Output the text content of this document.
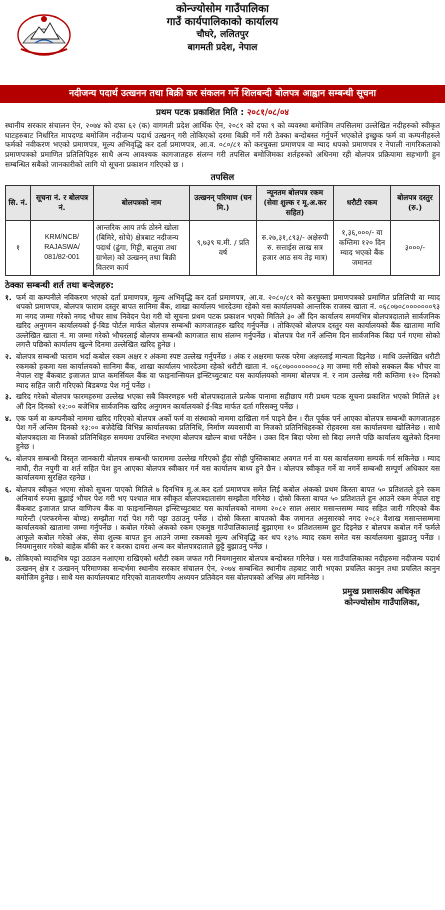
कोन्ज्योसोम गाउँपालिका
गाउँ कार्यपालिकाको कार्यालय
चौघरे, ललितपुर
बागमती प्रदेश, नेपाल
नदीजन्य पदार्थ उत्खनन तथा बिक्री कर संकलन गर्ने शिलबन्दी बोलपत्र आह्वान सम्बन्धी सूचना
प्रथम पटक प्रकाशित मिति : २०८१/०८/०४

स्थानीय सरकार संचालन ऐन, २०७४ को दफा ६२ (क) वागमती प्रदेश आर्थिक ऐन, २०८१ को दफा ९ को व्यवस्था बमोजिम तपसिलमा उल्लेखित नदीहरुको स्वीकृत घाटहरुबाट निर्धारित मापदण्ड बमोजिम नदीजन्य पदार्थ उत्खनन् गरी तोकिएको दरमा बिक्री गर्ने गरी ठेक्का बन्दोबस्त गर्नुपर्ने भएकोले इच्छुक फर्म वा कम्पनीहरुले फर्मको नवीकरण भएको प्रमाणपत्र, मूल्य अभिवृद्धि कर दर्ता प्रमाणपत्र, आ.व. ०८०/८१ को करचुक्ता प्रमाणपत्र वा म्याद थपको प्रमाणपत्र र नेपाली नागरिकताको प्रमाणपत्रको प्रमाणित प्रतिलिपिहरु साथै अन्य आवश्यक कागजातहरु संलग्न गरी तपसिल बमोजिमका शर्तहरुको अधिनमा रही बोलपत्र प्रक्रियामा सहभागी हुन सम्बन्धित सबैको जानकारीको लागि यो सूचना प्रकाशन गरिएको छ ।

तपसिल
सि. नं.	सूचना नं. र बोलपत्र नं.	बोलपत्रको नाम	उत्खनन् परिमाण (घन मि.)	न्यूनतम बोलपत्र रकम (सेवा शुल्क र मू.अ.कर सहित)	धरौटी रकम	बोलपत्र दस्तुर (रु.)
१	KRM/NCB/ RAJASWA/ 081/82-001	आन्तरिक आय तर्फ ठोस्ने खोला (बिमिरे, सोचे) क्षेत्रबाट नदीजन्य पदार्थ (ढुंगा, गिट्टी, बालुवा तथा ग्राभेल) को उत्खनन् तथा बिक्री वितरण कार्य	९,७३९ घ.मी. / प्रति वर्ष	रु.२७,३१,८९३/- अक्षेरुपी रु. सत्ताईस लाख सत्र हजार आठ सय तेइ मात्र)	१,३६,०००/- वा कम्तिमा १२० दिन म्याद भएको बैंक जमानत	३०००/-
ठेक्का सम्बन्धी शर्त तथा बन्देजहरु:
१. फर्म वा कम्पनीले नविकरण भएको दर्ता प्रमाणपत्र, मूल्य अभिवृद्धि कर दर्ता प्रमाणपत्र, आ.व. २०८०/८१ को करचुक्ता प्रमाणपत्रको प्रमाणित प्रतिलिपी वा म्याद थपको प्रमाणपत्र, बोलपत्र फाराम दस्तुर बापत सानिमा बैंक, शाखा कार्यालय भारदेउमा रहेको यस कार्यालयको आन्तरिक राजस्व खाता नं. ०६८०७०८०००००००९३ मा नगद जम्मा गरेको नगद भौचर साथ निवेदन पेश गरी यो सूचना प्रथम पटक प्रकाशन भएको मितिले ३० औं दिन कार्यालय समयभित्र बोलपत्रदाताले सार्वजनिक खरिद अनुगमन कार्यालयको ई-बिड पोर्टल मार्फत बोलपत्र सम्बन्धी कागजातहरु खरिद गर्नुपर्नेछ । तोकिएको बोलपत्र दस्तुर यस कार्यालयको बैंक खातामा माथि उल्लेखित खाता नं. मा जम्मा गरेको भौचरलाई बोलपत्र सम्बन्धी कागजात साथ संलग्न गर्नुपर्नेछ । बोलपत्र पेश गर्ने अन्तिम दिन सार्वजनिक बिदा पर्न गएमा सोको लगत्तै पछिको कार्यालय खुल्ने दिनमा उल्लेखित खरिद हुनेछ ।
२. बोलपत्र सम्बन्धी फाराम भर्दा कबोल रकम अक्षर र अंकमा स्पष्ट उल्लेख गर्नुपर्नेछ । अंक र अक्षरमा फरक परेमा अक्षरलाई मान्यता दिइनेछ । माथि उल्लेखित धरौटी रकमको हकमा यस कार्यालयको सानिमा बैंक, शाखा कार्यालय भारदेउमा रहेको धरौटी खाता नं. ०६८०७०००००००८३ मा जम्मा गरी सोको सक्कल बैंक भौचर वा नेपाल राष्ट्र बैंकबाट इजाजत प्राप्त कमर्सियल बैंक वा फाइनान्सियल इन्स्टिच्युटबाट यस कार्यालयको नाममा बोलपत्र नं. र नाम उल्लेख गरी कम्तिमा १२० दिनको म्याद सहित जारी गरिएको बिडबण्ड पेश गर्नु पर्नेछ ।
३. खरिद गरेको बोलपत्र फारमहरुमा उल्लेख भएका सबै विवरणहरु भरी बोलपत्रदाताले प्रत्येक पानामा सहीछाप गरी प्रथम पटक सूचना प्रकाशित भएको मितिले ३१ औं दिन दिनको १२:०० बजेभित्र सार्वजनिक खरिद अनुगमन कार्यालयको ई-बिड मार्फत दर्ता गरिसक्नु पर्नेछ ।
४. एक फर्म वा कम्पनीको नाममा खरिद गरिएको बोलपत्र अर्को फर्म वा संस्थाको नाममा दाखिला गर्न पाइने छैन । रीत पूर्वक पर्न आएका बोलपत्र सम्बन्धी कागजातहरु पेश गर्ने अन्तिम दिनको १३:०० बजेदेखि विभिन्न कार्यालयका प्रतिनिधि, निर्माण व्यवसायी वा निजको प्रतिनिधिहरुको रोहवरमा यस कार्यालयमा खोलिनेछ । साथै बोलपत्रदाता वा निजको प्रतिनिधिहरु समयमा उपस्थित नभएमा बोलपत्र खोल्न बाधा पर्नेछैन । उक्त दिन बिदा परेमा सो बिदा लगत्तै पछि कार्यालय खुलेको दिनमा हुनेछ ।
५. बोलपत्र सम्बन्धी विस्तृत जानकारी बोलपत्र सम्बन्धी फाराममा उल्लेख गरिएको हुँदा सोही पुस्तिकाबाट अवगत गर्न वा यस कार्यालयमा सम्पर्क गर्न सकिनेछ । म्याद नाघी, रीत नपुगी वा शर्त सहित पेश हुन आएका बोलपत्र स्वीकार गर्न यस कार्यालय बाध्य हुने छैन । बोलपत्र स्वीकृत गर्ने वा नगर्ने सम्बन्धी सम्पूर्ण अधिकार यस कार्यालयमा सुरक्षित रहनेछ ।
६. बोलपत्र स्वीकृत भएमा सोको सूचना पाएको मितिले ७ दिनभित्र मू.अ.कर दर्ता प्रमाणपत्र समेत लिई कबोल अंकको प्रथम किस्ता बापत ५० प्रतिशतले हुने रकम अनिवार्य रुपमा बुझाई भौचर पेश गरी भए पश्चात मात्र स्वीकृत बोलपत्रदातासंग सम्झौता गरिनेछ । दोस्रो किस्ता बापत ५० प्रतिशतले हुन आउने रकम नेपाल राष्ट्र बैंकबाट इजाजत प्राप्त वाणिज्य बैंक वा फाइनान्सियल इन्स्टिच्युटबाट यस कार्यालयको नाममा २०८२ साल असार मसान्तसम्म म्याद सहित जारी गरिएको बैंक ग्यारेन्टी (परफरमेन्स बोण्ड) सम्झौता गर्दा पेश गरी पट्टा उठाउनु पर्नेछ । दोस्रो किस्ता बापतको बैंक जमानत अनुसारको नगद २०८२ वैशाख मसान्तसम्ममा कार्यालयको खातामा जम्मा गर्नुपर्नेछ । कबोल गरेको अंकको रकम एकमुष्ठ गाउँपालिकालाई बुझाएमा १० प्रतिशतसम्म छुट दिइनेछ र बोलपत्र कबोल गर्ने फर्मले आफूले कबोल गरेको अंक, सेवा शुल्क बापत हुन आउने जम्मा रकमको मूल्य अभिवृद्धि कर थप १३% म्याद रकम समेत यस कार्यालयमा बुझाउनु पर्नेछ । नियमानुसार गरेको बाहेक बाँकी कर र करका दायरा अन्य कर बोलपत्रदाताले छुट्टै बुझाउनु पर्नेछ ।
७. तोकिएको म्यादभित्र पट्टा उठाउन नआएमा राखिएको धरौटी रकम जफत गरी नियमानुसार बोलपत्र बन्दोबस्त गरिनेछ । यस गाउँपालिकाका नदीहरुमा नदीजन्य पदार्थ उत्खनन् क्षेत्र र उत्खनन् परिमाणका सन्दर्भमा स्थानीय सरकार संचालन ऐन, २०७४ सम्बन्धित स्थानीय तहबाट जारी भएका प्रचलित कानुन तथा प्रचलित कानुन बमोजिम हुनेछ । साथै यस कार्यालयबाट गरिएको वातावरणीय अध्ययन प्रतिवेदन यस बोलपत्रको अभिन्न अंग मानिनेछ ।
प्रमुख प्रशासकीय अधिकृत
कोन्ज्योसोम गाउँपालिका,
